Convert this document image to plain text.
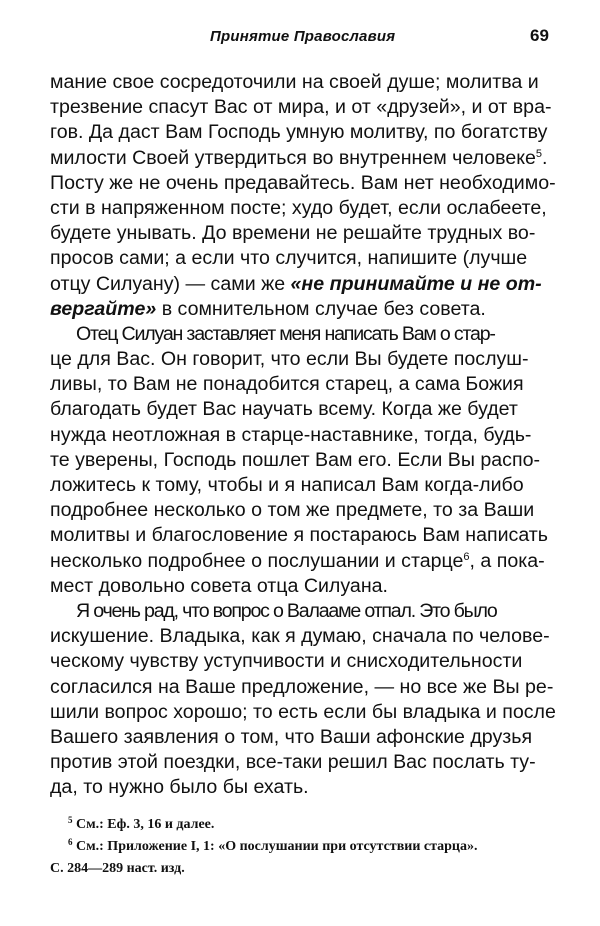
Принятие Православия	69
мание свое сосредоточили на своей душе; молитва и
трезвение спасут Вас от мира, и от «друзей», и от вра-
гов. Да даст Вам Господь умную молитву, по богатству
милости Своей утвердиться во внутреннем человеке$^5$.
Посту же не очень предавайтесь. Вам нет необходимо-
сти в напряженном посте; худо будет, если ослабеете,
будете унывать. До времени не решайте трудных во-
просов сами; а если что случится, напишите (лучше
отцу Силуану) — сами же «не принимайте и не от-
вергайте» в сомнительном случае без совета.
Отец Силуан заставляет меня написать Вам о стар-
це для Вас. Он говорит, что если Вы будете послуш-
ливы, то Вам не понадобится старец, а сама Божия
благодать будет Вас научать всему. Когда же будет
нужда неотложная в старце-наставнике, тогда, будь-
те уверены, Господь пошлет Вам его. Если Вы распо-
ложитесь к тому, чтобы и я написал Вам когда-либо
подробнее несколько о том же предмете, то за Ваши
молитвы и благословение я постараюсь Вам написать
несколько подробнее о послушании и старце$^6$, а пока-
мест довольно совета отца Силуана.
Я очень рад, что вопрос о Валааме отпал. Это было
искушение. Владыка, как я думаю, сначала по челове-
ческому чувству уступчивости и снисходительности
согласился на Ваше предложение, — но все же Вы ре-
шили вопрос хорошо; то есть если бы владыка и после
Вашего заявления о том, что Ваши афонские друзья
против этой поездки, все-таки решил Вас послать ту-
да, то нужно было бы ехать.
$^5$ См.: Еф. 3, 16 и далее.
$^6$ См.: Приложение I, 1: «О послушании при отсутствии старца».
С. 284—289 наст. изд.
